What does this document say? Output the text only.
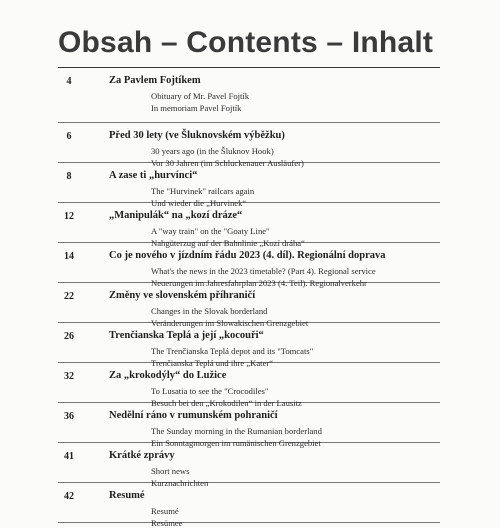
Obsah – Contents – Inhalt
4	Za Pavlem Fojtíkem
Obituary of Mr. Pavel Fojtík
In memoriam Pavel Fojtík
6	Před 30 lety (ve Šluknovském výběžku)
30 years ago (in the Šluknov Hook)
Vor 30 Jahren (im Schluckenauer Ausläufer)
8	A zase ti „hurvínci“
The "Hurvinek" railcars again
Und wieder die „Hurvinek“
12	„Manipulák“ na „kozí dráze“
A "way train" on the "Goaty Line"
Nahgüterzug auf der Bahnlinie „Kozí dráha“
14	Co je nového v jízdním řádu 2023 (4. díl). Regionální doprava
What's the news in the 2023 timetable? (Part 4). Regional service
Neuerungen im Jahresfahrplan 2023 (4. Teil). Regionalverkehr
22	Změny ve slovenském příhraničí
Changes in the Slovak borderland
Veränderungen im Slowakischen Grenzgebiet
26	Trenčianska Teplá a její „kocouři“
The Trenčianska Teplá depot and its "Tomcats"
Trenčianska Teplá und ihre „Kater“
32	Za „krokodýly“ do Lužice
To Lusatia to see the "Crocodiles"
Besuch bei den „Krokodilen“ in der Lausitz
36	Nedělní ráno v rumunském pohraničí
The Sunday morning in the Rumanian borderland
Ein Sonntagmorgen im rumänischen Grenzgebiet
41	Krátké zprávy
Short news
Kurznachrichten
42	Resumé
Resumé
Resümee
